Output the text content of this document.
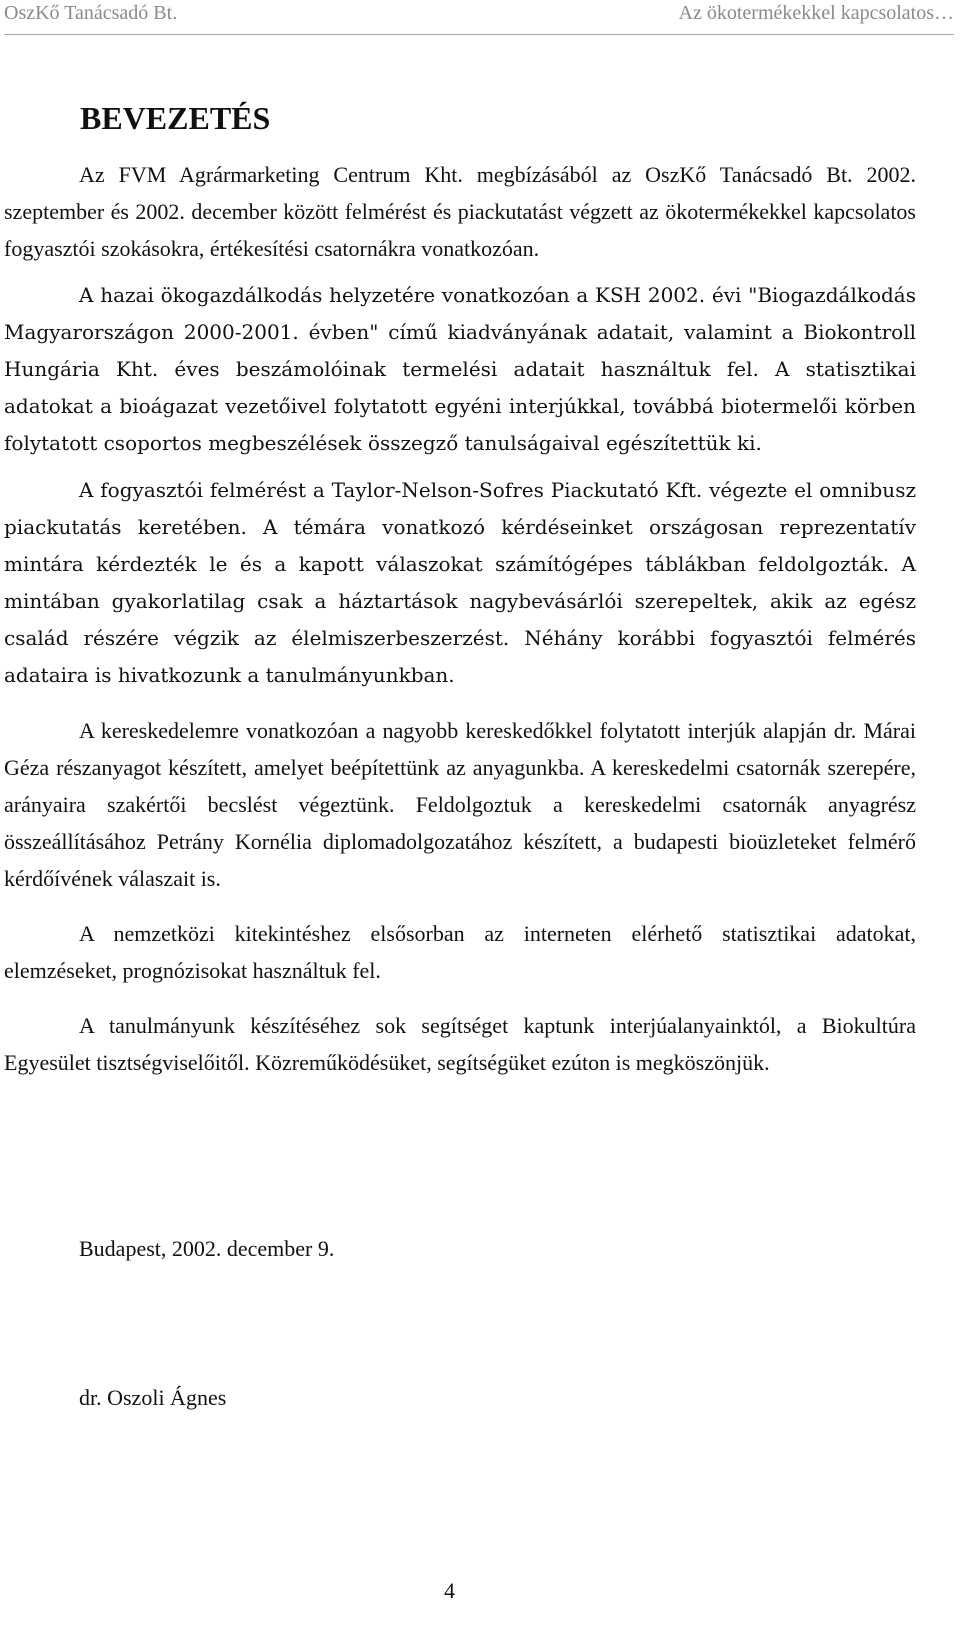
OszKő Tanácsadó Bt.	Az ökotermékekkel kapcsolatos…
BEVEZETÉS

Az FVM Agrármarketing Centrum Kht. megbízásából az OszKő Tanácsadó Bt. 2002. szeptember és 2002. december között felmérést és piackutatást végzett az ökotermékekkel kapcsolatos fogyasztói szokásokra, értékesítési csatornákra vonatkozóan.

A hazai ökogazdálkodás helyzetére vonatkozóan a KSH 2002. évi "Biogazdálkodás Magyarországon 2000-2001. évben" című kiadványának adatait, valamint a Biokontroll Hungária Kht. éves beszámolóinak termelési adatait használtuk fel. A statisztikai adatokat a bioágazat vezetőivel folytatott egyéni interjúkkal, továbbá biotermelői körben folytatott csoportos megbeszélések összegző tanulságaival egészítettük ki.

A fogyasztói felmérést a Taylor-Nelson-Sofres Piackutató Kft. végezte el omnibusz piackutatás keretében. A témára vonatkozó kérdéseinket országosan reprezentatív mintára kérdezték le és a kapott válaszokat számítógépes táblákban feldolgozták. A mintában gyakorlatilag csak a háztartások nagybevásárlói szerepeltek, akik az egész család részére végzik az élelmiszerbeszerzést. Néhány korábbi fogyasztói felmérés adataira is hivatkozunk a tanulmányunkban.

A kereskedelemre vonatkozóan a nagyobb kereskedőkkel folytatott interjúk alapján dr. Márai Géza részanyagot készített, amelyet beépítettünk az anyagunkba. A kereskedelmi csatornák szerepére, arányaira szakértői becslést végeztünk. Feldolgoztuk a kereskedelmi csatornák anyagrész összeállításához Petrány Kornélia diplomadolgozatához készített, a budapesti bioüzleteket felmérő kérdőívének válaszait is.

A nemzetközi kitekintéshez elsősorban az interneten elérhető statisztikai adatokat, elemzéseket, prognózisokat használtuk fel.

A tanulmányunk készítéséhez sok segítséget kaptunk interjúalanyainktól, a Biokultúra Egyesület tisztségviselőitől. Közreműködésüket, segítségüket ezúton is megköszönjük.

Budapest, 2002. december 9.
dr. Oszoli Ágnes
4
